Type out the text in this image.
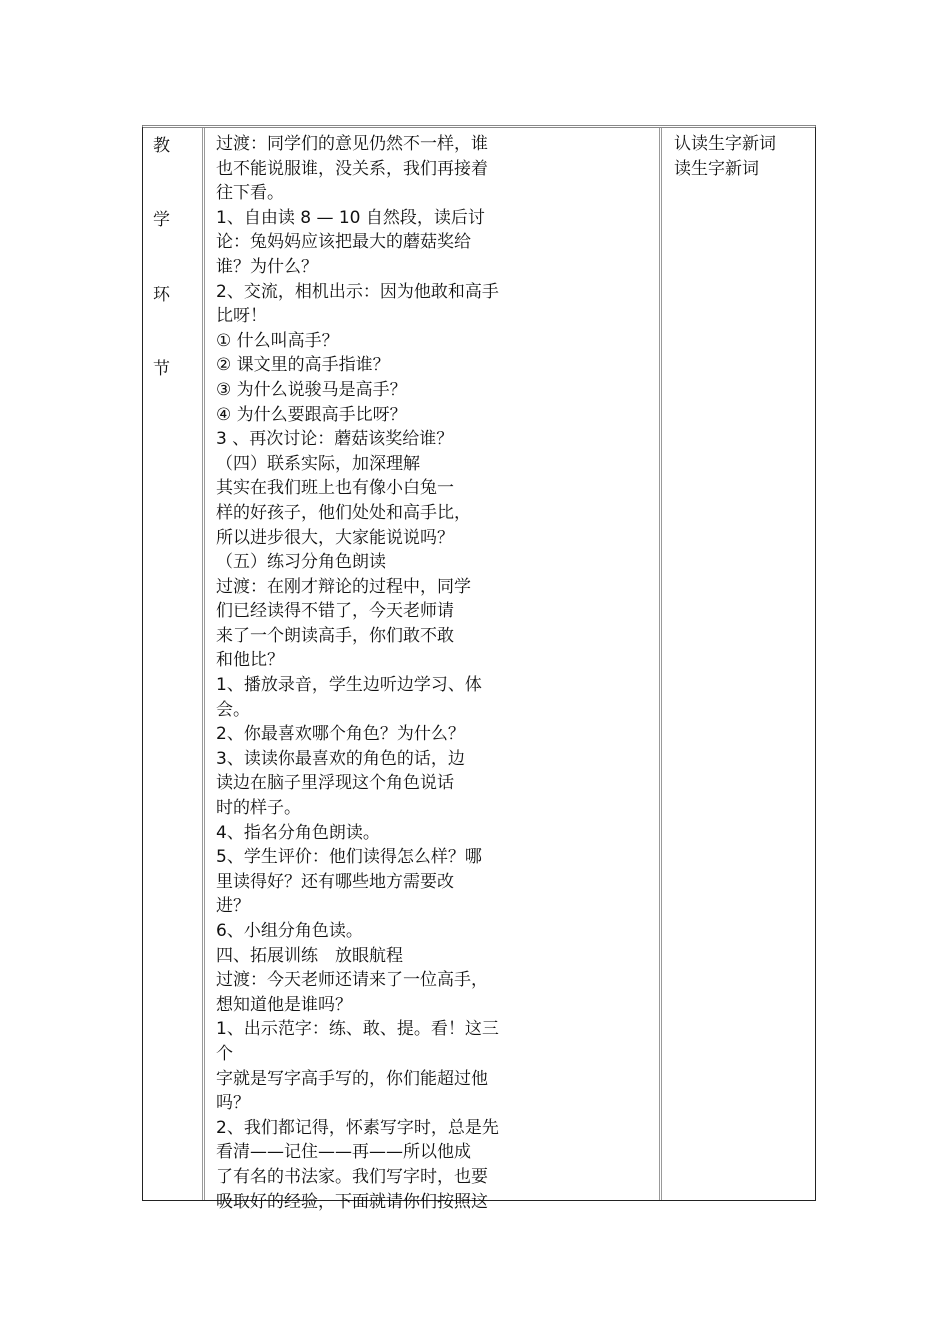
教
学
环
节

过渡：同学们的意见仍然不一样，谁

也不能说服谁，没关系，我们再接着

往下看。

1、自由读 8 — 10 自然段，读后讨

论：兔妈妈应该把最大的蘑菇奖给

谁？为什么？

2、交流，相机出示：因为他敢和高手

比呀！

① 什么叫高手？

② 课文里的高手指谁？

③ 为什么说骏马是高手？

④ 为什么要跟高手比呀？

3 、再次讨论：蘑菇该奖给谁？

（四）联系实际，加深理解

其实在我们班上也有像小白兔一

样的好孩子，他们处处和高手比，

所以进步很大，大家能说说吗？

（五）练习分角色朗读

过渡：在刚才辩论的过程中，同学

们已经读得不错了，今天老师请

来了一个朗读高手，你们敢不敢

和他比？

1、播放录音，学生边听边学习、体

会。

2、你最喜欢哪个角色？为什么？

3、读读你最喜欢的角色的话，边

读边在脑子里浮现这个角色说话

时的样子。

4、指名分角色朗读。

5、学生评价：他们读得怎么样？哪

里读得好？还有哪些地方需要改

进？

6、小组分角色读。

四、拓展训练　放眼航程

过渡：今天老师还请来了一位高手，

想知道他是谁吗？

1、出示范字：练、敢、提。看！这三个

字就是写字高手写的，你们能超过他

吗？

2、我们都记得，怀素写字时，总是先

看清——记住——再——所以他成

了有名的书法家。我们写字时，也要

吸取好的经验，下面就请你们按照这

认读生字新词

读生字新词
